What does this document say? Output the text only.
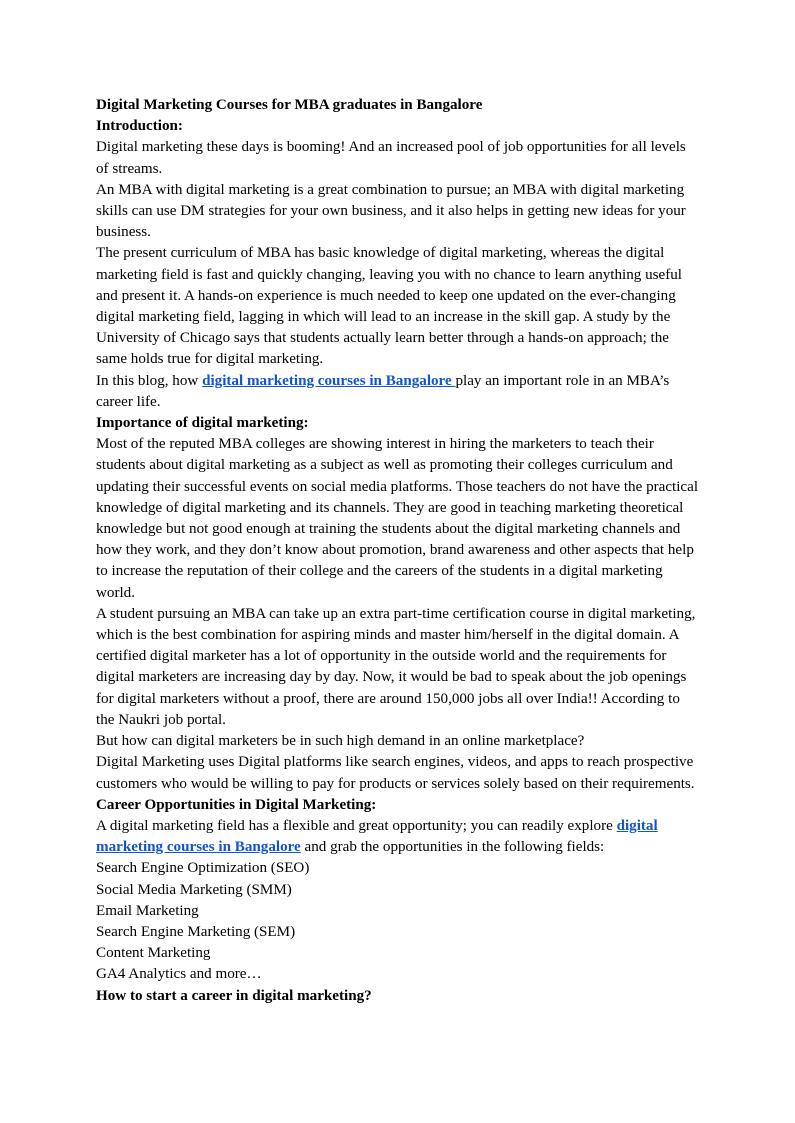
Digital Marketing Courses for MBA graduates in Bangalore

Introduction:

Digital marketing these days is booming! And an increased pool of job opportunities for all levels of streams.

An MBA with digital marketing is a great combination to pursue; an MBA with digital marketing skills can use DM strategies for your own business, and it also helps in getting new ideas for your business.

The present curriculum of MBA has basic knowledge of digital marketing, whereas the digital marketing field is fast and quickly changing, leaving you with no chance to learn anything useful and present it. A hands-on experience is much needed to keep one updated on the ever-changing digital marketing field, lagging in which will lead to an increase in the skill gap. A study by the University of Chicago says that students actually learn better through a hands-on approach; the same holds true for digital marketing.

In this blog, how digital marketing courses in Bangalore play an important role in an MBA’s career life.

Importance of digital marketing:

Most of the reputed MBA colleges are showing interest in hiring the marketers to teach their students about digital marketing as a subject as well as promoting their colleges curriculum and updating their successful events on social media platforms. Those teachers do not have the practical knowledge of digital marketing and its channels. They are good in teaching marketing theoretical knowledge but not good enough at training the students about the digital marketing channels and how they work, and they don’t know about promotion, brand awareness and other aspects that help to increase the reputation of their college and the careers of the students in a digital marketing world.

A student pursuing an MBA can take up an extra part-time certification course in digital marketing, which is the best combination for aspiring minds and master him/herself in the digital domain. A certified digital marketer has a lot of opportunity in the outside world and the requirements for digital marketers are increasing day by day. Now, it would be bad to speak about the job openings for digital marketers without a proof, there are around 150,000 jobs all over India!! According to the Naukri job portal.

But how can digital marketers be in such high demand in an online marketplace?

Digital Marketing uses Digital platforms like search engines, videos, and apps to reach prospective customers who would be willing to pay for products or services solely based on their requirements.

Career Opportunities in Digital Marketing:

A digital marketing field has a flexible and great opportunity; you can readily explore digital marketing courses in Bangalore and grab the opportunities in the following fields:

Search Engine Optimization (SEO)

Social Media Marketing (SMM)

Email Marketing

Search Engine Marketing (SEM)

Content Marketing

GA4 Analytics and more…

How to start a career in digital marketing?
